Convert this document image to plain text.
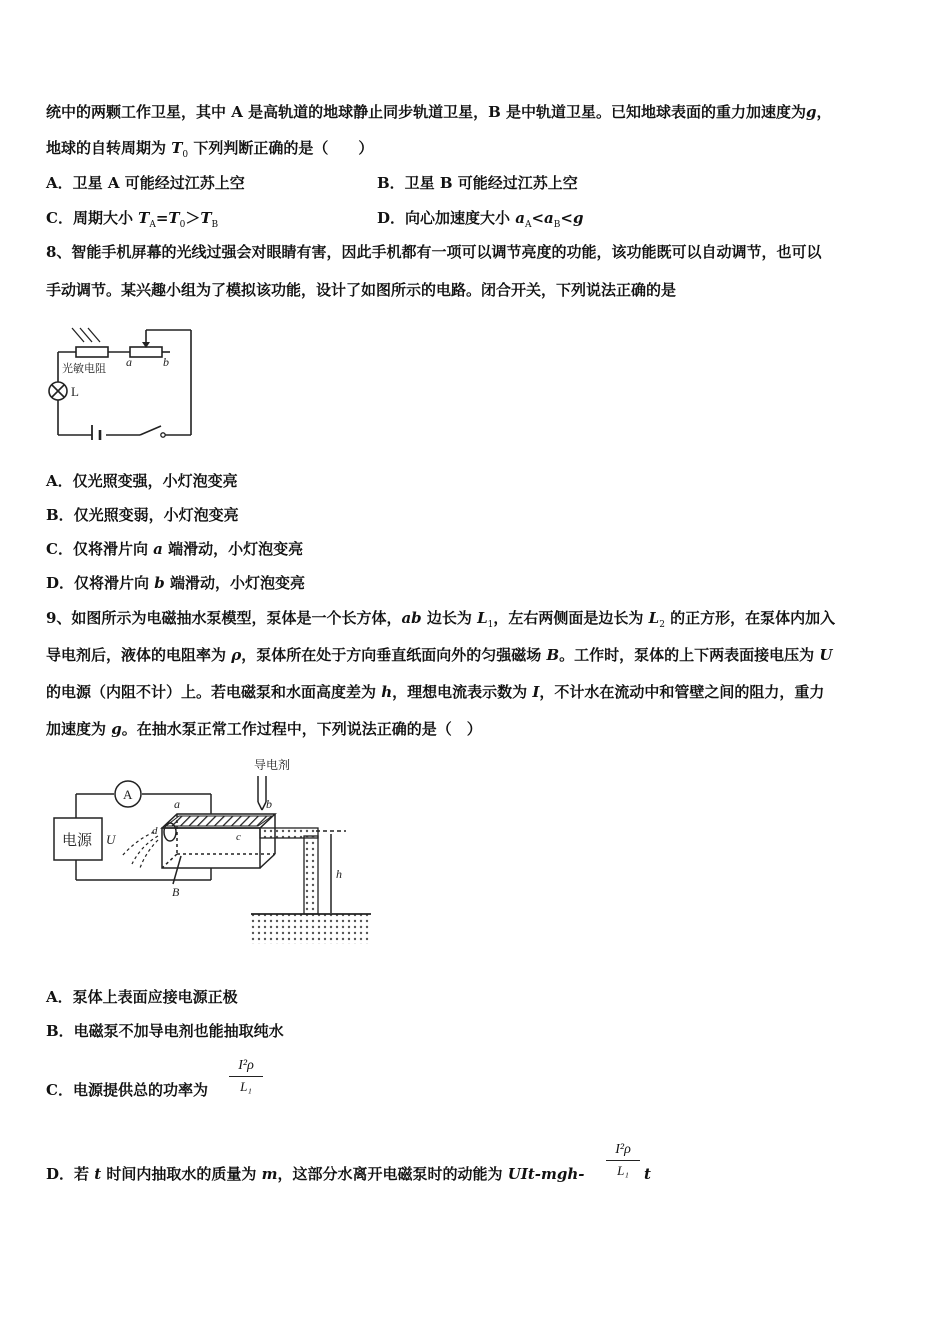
统中的两颗工作卫星，其中 A 是高轨道的地球静止同步轨道卫星，B 是中轨道卫星。已知地球表面的重力加速度为g，
地球的自转周期为 $T_0$ 下列判断正确的是（　　）
A．卫星 A 可能经过江苏上空	B．卫星 B 可能经过江苏上空
C．周期大小 $T_A=T_0>T_B$	D．向心加速度大小 $a_A<a_B<g$
8、智能手机屏幕的光线过强会对眼睛有害，因此手机都有一项可以调节亮度的功能，该功能既可以自动调节，也可以
手动调节。某兴趣小组为了模拟该功能，设计了如图所示的电路。闭合开关，下列说法正确的是
光敏电阻
L
a	b
A．仅光照变强，小灯泡变亮
B．仅光照变弱，小灯泡变亮
C．仅将滑片向 a 端滑动，小灯泡变亮
D．仅将滑片向 b 端滑动，小灯泡变亮
9、如图所示为电磁抽水泵模型，泵体是一个长方体，ab 边长为 $L_1$，左右两侧面是边长为 $L_2$ 的正方形，在泵体内加入
导电剂后，液体的电阻率为 ρ，泵体所在处于方向垂直纸面向外的匀强磁场 B。工作时，泵体的上下两表面接电压为 U
的电源（内阻不计）上。若电磁泵和水面高度差为 h，理想电流表示数为 I，不计水在流动中和管壁之间的阻力，重力
加速度为 g。在抽水泵正常工作过程中，下列说法正确的是（　）
A
电源 U
导电剂
a	b
c
d
B
h
A．泵体上表面应接电源正极
B．电磁泵不加导电剂也能抽取纯水
C．电源提供总的功率为 $\frac{\text{I²ρ}}{\text{L₁}}$
D．若 t 时间内抽取水的质量为 m，这部分水离开电磁泵时的动能为 $UIt-mgh- \frac{\text{I²ρ}}{\text{L₁}}$ t
